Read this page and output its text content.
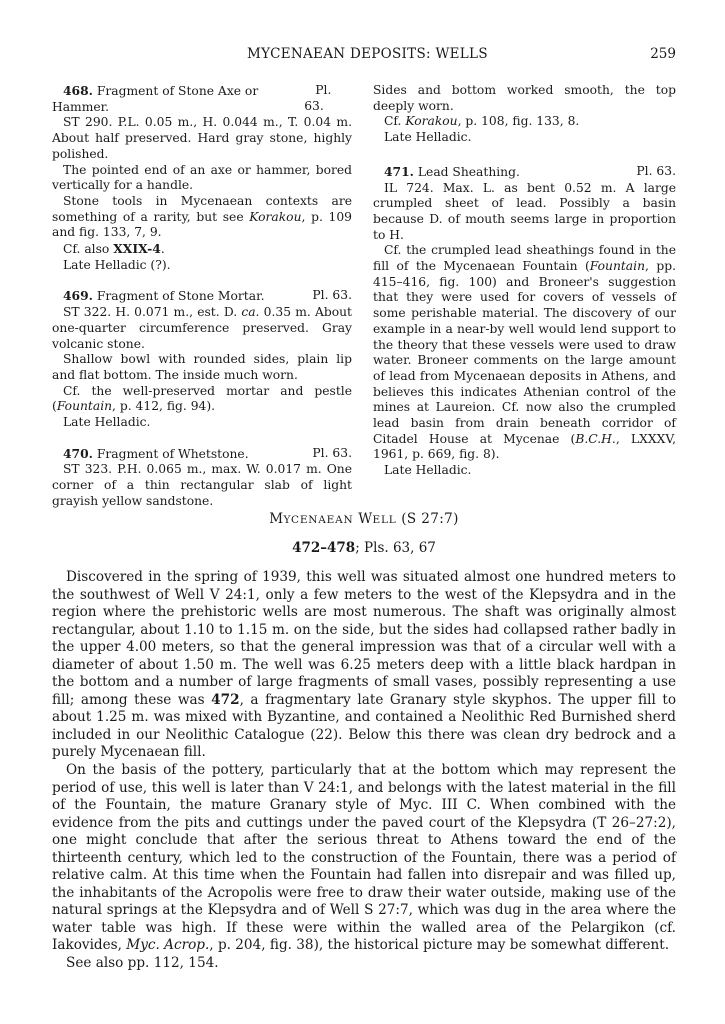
MYCENAEAN DEPOSITS: WELLS	259

468. Fragment of Stone Axe or Hammer.
Pl. 63.

ST 290. P.L. 0.05 m., H. 0.044 m., T. 0.04 m. About half preserved. Hard gray stone, highly polished.

The pointed end of an axe or hammer, bored vertically for a handle.

Stone tools in Mycenaean contexts are something of a rarity, but see Korakou, p. 109 and fig. 133, 7, 9.

Cf. also XXIX-4.

Late Helladic (?).

469. Fragment of Stone Mortar.	Pl. 63.

ST 322. H. 0.071 m., est. D. ca. 0.35 m. About one-quarter circumference preserved. Gray volcanic stone.

Shallow bowl with rounded sides, plain lip and flat bottom. The inside much worn.

Cf. the well-preserved mortar and pestle (Fountain, p. 412, fig. 94).

Late Helladic.

470. Fragment of Whetstone.	Pl. 63.

ST 323. P.H. 0.065 m., max. W. 0.017 m. One corner of a thin rectangular slab of light grayish yellow sandstone.

Sides and bottom worked smooth, the top deeply worn.

Cf. Korakou, p. 108, fig. 133, 8.

Late Helladic.

471. Lead Sheathing.	Pl. 63.

IL 724. Max. L. as bent 0.52 m. A large crumpled sheet of lead. Possibly a basin because D. of mouth seems large in proportion to H.

Cf. the crumpled lead sheathings found in the fill of the Mycenaean Fountain (Fountain, pp. 415–416, fig. 100) and Broneer's suggestion that they were used for covers of vessels of some perishable material. The discovery of our example in a near-by well would lend support to the theory that these vessels were used to draw water. Broneer comments on the large amount of lead from Mycenaean deposits in Athens, and believes this indicates Athenian control of the mines at Laureion. Cf. now also the crumpled lead basin from drain beneath corridor of Citadel House at Mycenae (B.C.H., LXXXV, 1961, p. 669, fig. 8).

Late Helladic.

MYCENAEAN WELL (S 27:7)
472–478; Pls. 63, 67

Discovered in the spring of 1939, this well was situated almost one hundred meters to the southwest of Well V 24:1, only a few meters to the west of the Klepsydra and in the region where the prehistoric wells are most numerous. The shaft was originally almost rectangular, about 1.10 to 1.15 m. on the side, but the sides had collapsed rather badly in the upper 4.00 meters, so that the general impression was that of a circular well with a diameter of about 1.50 m. The well was 6.25 meters deep with a little black hardpan in the bottom and a number of large fragments of small vases, possibly representing a use fill; among these was 472, a fragmentary late Granary style skyphos. The upper fill to about 1.25 m. was mixed with Byzantine, and contained a Neolithic Red Burnished sherd included in our Neolithic Catalogue (22). Below this there was clean dry bedrock and a purely Mycenaean fill.

On the basis of the pottery, particularly that at the bottom which may represent the period of use, this well is later than V 24:1, and belongs with the latest material in the fill of the Fountain, the mature Granary style of Myc. III C. When combined with the evidence from the pits and cuttings under the paved court of the Klepsydra (T 26–27:2), one might conclude that after the serious threat to Athens toward the end of the thirteenth century, which led to the construction of the Fountain, there was a period of relative calm. At this time when the Fountain had fallen into disrepair and was filled up, the inhabitants of the Acropolis were free to draw their water outside, making use of the natural springs at the Klepsydra and of Well S 27:7, which was dug in the area where the water table was high. If these were within the walled area of the Pelargikon (cf. Iakovides, Myc. Acrop., p. 204, fig. 38), the historical picture may be somewhat different.

See also pp. 112, 154.
